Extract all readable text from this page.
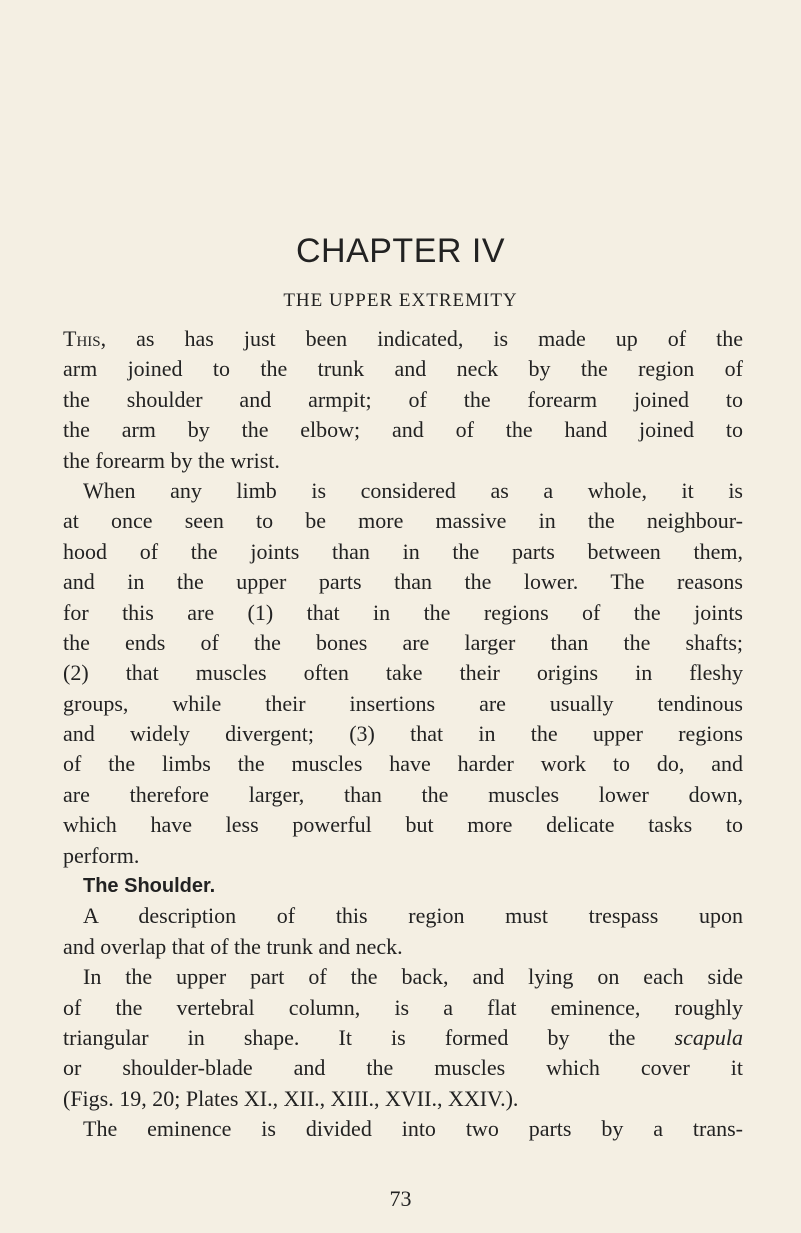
CHAPTER IV
THE UPPER EXTREMITY
This, as has just been indicated, is made up of the
arm joined to the trunk and neck by the region of
the shoulder and armpit; of the forearm joined to
the arm by the elbow; and of the hand joined to
the forearm by the wrist.
When any limb is considered as a whole, it is
at once seen to be more massive in the neighbour-
hood of the joints than in the parts between them,
and in the upper parts than the lower. The reasons
for this are (1) that in the regions of the joints
the ends of the bones are larger than the shafts;
(2) that muscles often take their origins in fleshy
groups, while their insertions are usually tendinous
and widely divergent; (3) that in the upper regions
of the limbs the muscles have harder work to do, and
are therefore larger, than the muscles lower down,
which have less powerful but more delicate tasks to
perform.
The Shoulder.
A description of this region must trespass upon
and overlap that of the trunk and neck.
In the upper part of the back, and lying on each side
of the vertebral column, is a flat eminence, roughly
triangular in shape. It is formed by the scapula
or shoulder-blade and the muscles which cover it
(Figs. 19, 20; Plates XI., XII., XIII., XVII., XXIV.).
The eminence is divided into two parts by a trans-
73
